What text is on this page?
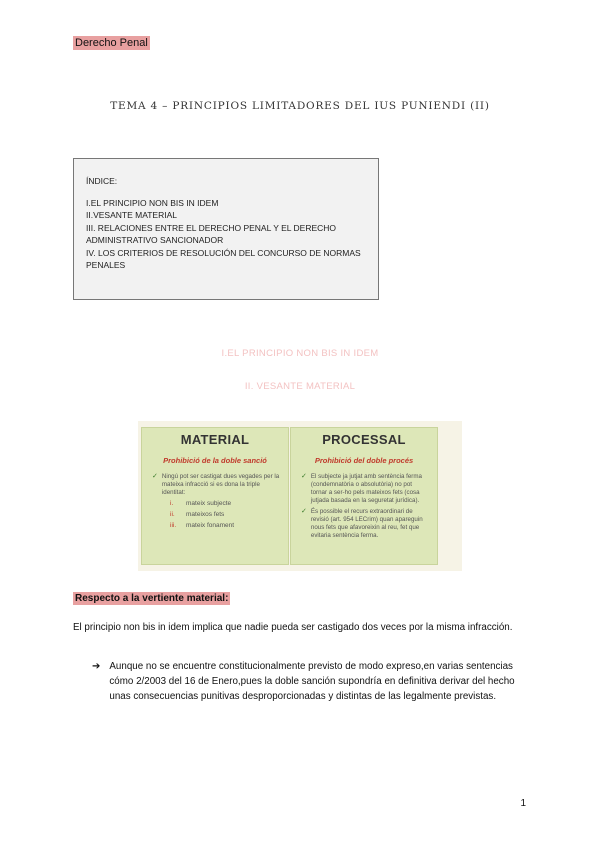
Derecho Penal
TEMA 4 – PRINCIPIOS LIMITADORES DEL IUS PUNIENDI (II)
ÍNDICE:
I.EL PRINCIPIO NON BIS IN IDEM
II.VESANTE MATERIAL
III. RELACIONES ENTRE EL DERECHO PENAL Y EL DERECHO ADMINISTRATIVO SANCIONADOR
IV. LOS CRITERIOS DE RESOLUCIÓN DEL CONCURSO DE NORMAS PENALES
I.EL PRINCIPIO NON BIS IN IDEM
II. VESANTE MATERIAL
MATERIAL
Prohibició de la doble sanció
✓ Ningú pot ser castigat dues vegades per la mateixa infracció si es dona la triple identitat:
i.	mateix subjecte
ii.	mateixos fets
iii. mateix fonament
PROCESSAL
Prohibició del doble procés
✓ El subjecte ja jutjat amb sentència ferma (condemnatòria o absolutòria) no pot tornar a ser-ho pels mateixos fets (cosa jutjada basada en la seguretat jurídica).
✓ És possible el recurs extraordinari de revisió (art. 954 LECrim) quan apareguin nous fets que afavoreixin al reu, fet que evitaria sentència ferma.
Respecto a la vertiente material:
El principio non bis in idem implica que nadie pueda ser castigado dos veces por la misma infracción.
➔ Aunque no se encuentre constitucionalmente previsto de modo expreso,en varias sentencias cómo 2/2003 del 16 de Enero,pues la doble sanción supondría en definitiva derivar del hecho unas consecuencias punitivas desproporcionadas y distintas de las legalmente previstas.
1
